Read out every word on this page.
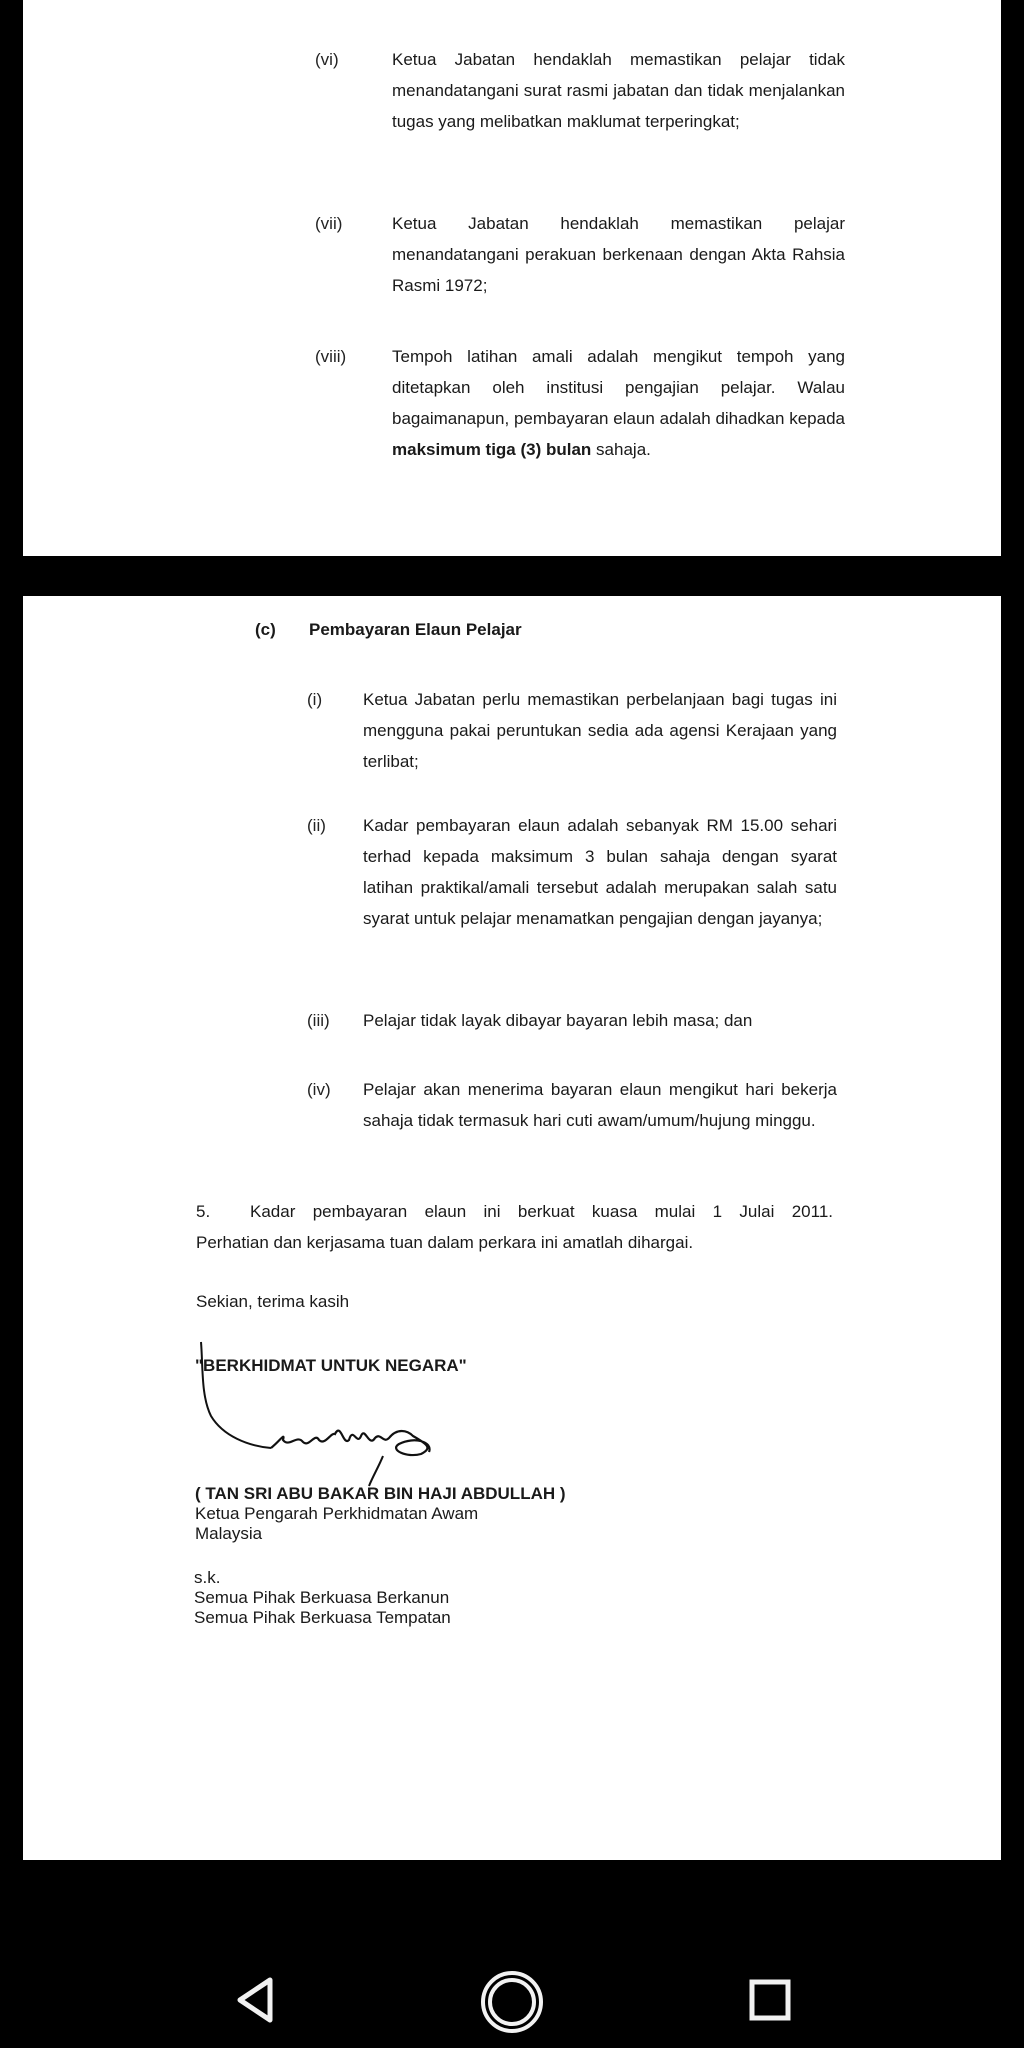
(vi)	Ketua Jabatan hendaklah memastikan pelajar tidak menandatangani surat rasmi jabatan dan tidak menjalankan tugas yang melibatkan maklumat terperingkat;
(vii)	Ketua Jabatan hendaklah memastikan pelajar menandatangani perakuan berkenaan dengan Akta Rahsia Rasmi 1972;
(viii)	Tempoh latihan amali adalah mengikut tempoh yang ditetapkan oleh institusi pengajian pelajar. Walau bagaimanapun, pembayaran elaun adalah dihadkan kepada maksimum tiga (3) bulan sahaja.
(c) Pembayaran Elaun Pelajar
(i) Ketua Jabatan perlu memastikan perbelanjaan bagi tugas ini mengguna pakai peruntukan sedia ada agensi Kerajaan yang terlibat;
(ii) Kadar pembayaran elaun adalah sebanyak RM 15.00 sehari terhad kepada maksimum 3 bulan sahaja dengan syarat latihan praktikal/amali tersebut adalah merupakan salah satu syarat untuk pelajar menamatkan pengajian dengan jayanya;
(iii) Pelajar tidak layak dibayar bayaran lebih masa; dan
(iv) Pelajar akan menerima bayaran elaun mengikut hari bekerja sahaja tidak termasuk hari cuti awam/umum/hujung minggu.
5. Kadar pembayaran elaun ini berkuat kuasa mulai 1 Julai 2011.
Perhatian dan kerjasama tuan dalam perkara ini amatlah dihargai.
Sekian, terima kasih
"BERKHIDMAT UNTUK NEGARA"
( TAN SRI ABU BAKAR BIN HAJI ABDULLAH )
Ketua Pengarah Perkhidmatan Awam
Malaysia
s.k.
Semua Pihak Berkuasa Berkanun
Semua Pihak Berkuasa Tempatan
